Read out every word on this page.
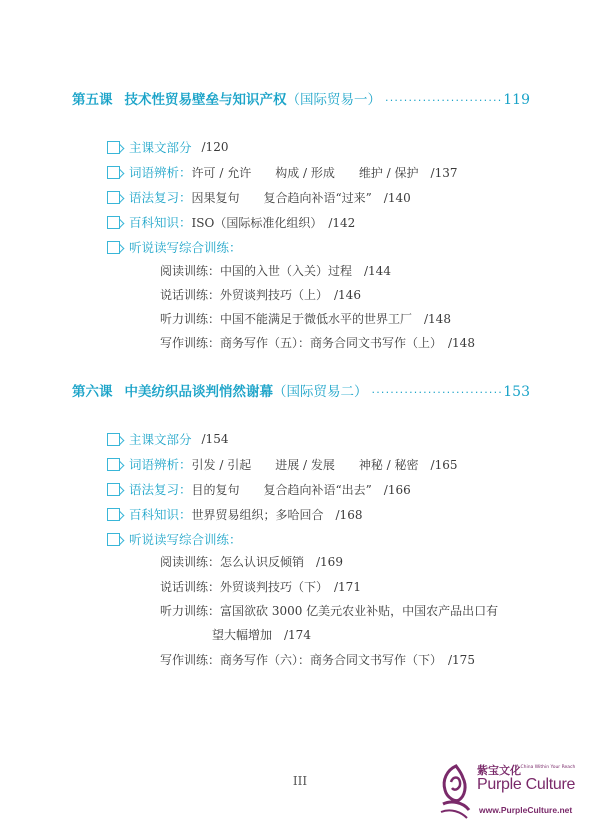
第五课 技术性贸易壁垒与知识产权 （国际贸易一） ·····	119
主课文部分 /120
词语辨析： 许可 / 允许　　构成 / 形成　　维护 / 保护　/137
语法复习： 因果复句　　复合趋向补语“过来”　/140
百科知识： ISO（国际标准化组织）　/142
听说读写综合训练：
阅读训练：中国的入世（入关）过程　/144
说话训练：外贸谈判技巧（上）　/146
听力训练：中国不能满足于微低水平的世界工厂　/148
写作训练：商务写作（五）：商务合同文书写作（上）　/148
第六课 中美纺织品谈判悄然谢幕 （国际贸易二） ·····	153
主课文部分 /154
词语辨析： 引发 / 引起　　进展 / 发展　　神秘 / 秘密　/165
语法复习： 目的复句　　复合趋向补语“出去”　/166
百科知识： 世界贸易组织；多哈回合　/168
听说读写综合训练：
阅读训练：怎么认识反倾销　/169
说话训练：外贸谈判技巧（下）　/171
听力训练：富国欲砍 3000 亿美元农业补贴，中国农产品出口有
望大幅增加　/174
写作训练：商务写作（六）：商务合同文书写作（下）　/175
III
紫宝文化
A China Within Your Reach
Purple Culture
www.PurpleCulture.net
